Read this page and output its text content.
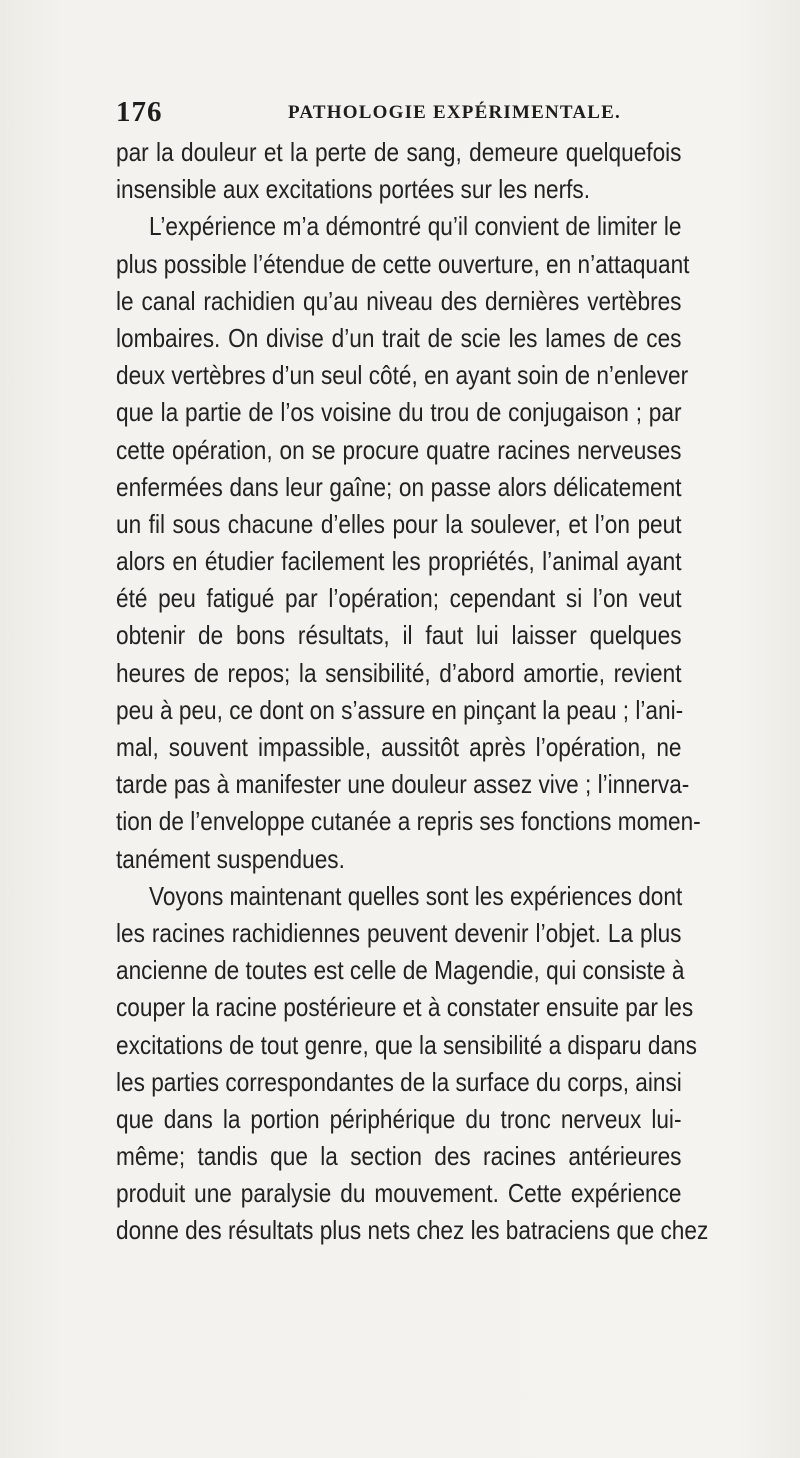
176	PATHOLOGIE EXPÉRIMENTALE.
par la douleur et la perte de sang, demeure quelquefois
insensible aux excitations portées sur les nerfs.
L’expérience m’a démontré qu’il convient de limiter le
plus possible l’étendue de cette ouverture, en n’attaquant
le canal rachidien qu’au niveau des dernières vertèbres
lombaires. On divise d’un trait de scie les lames de ces
deux vertèbres d’un seul côté, en ayant soin de n’enlever
que la partie de l’os voisine du trou de conjugaison ; par
cette opération, on se procure quatre racines nerveuses
enfermées dans leur gaîne; on passe alors délicatement
un fil sous chacune d’elles pour la soulever, et l’on peut
alors en étudier facilement les propriétés, l’animal ayant
été peu fatigué par l’opération; cependant si l’on veut
obtenir de bons résultats, il faut lui laisser quelques
heures de repos; la sensibilité, d’abord amortie, revient
peu à peu, ce dont on s’assure en pinçant la peau ; l’ani-
mal, souvent impassible, aussitôt après l’opération, ne
tarde pas à manifester une douleur assez vive ; l’innerva-
tion de l’enveloppe cutanée a repris ses fonctions momen-
tanément suspendues.
Voyons maintenant quelles sont les expériences dont
les racines rachidiennes peuvent devenir l’objet. La plus
ancienne de toutes est celle de Magendie, qui consiste à
couper la racine postérieure et à constater ensuite par les
excitations de tout genre, que la sensibilité a disparu dans
les parties correspondantes de la surface du corps, ainsi
que dans la portion périphérique du tronc nerveux lui-
même; tandis que la section des racines antérieures
produit une paralysie du mouvement. Cette expérience
donne des résultats plus nets chez les batraciens que chez
